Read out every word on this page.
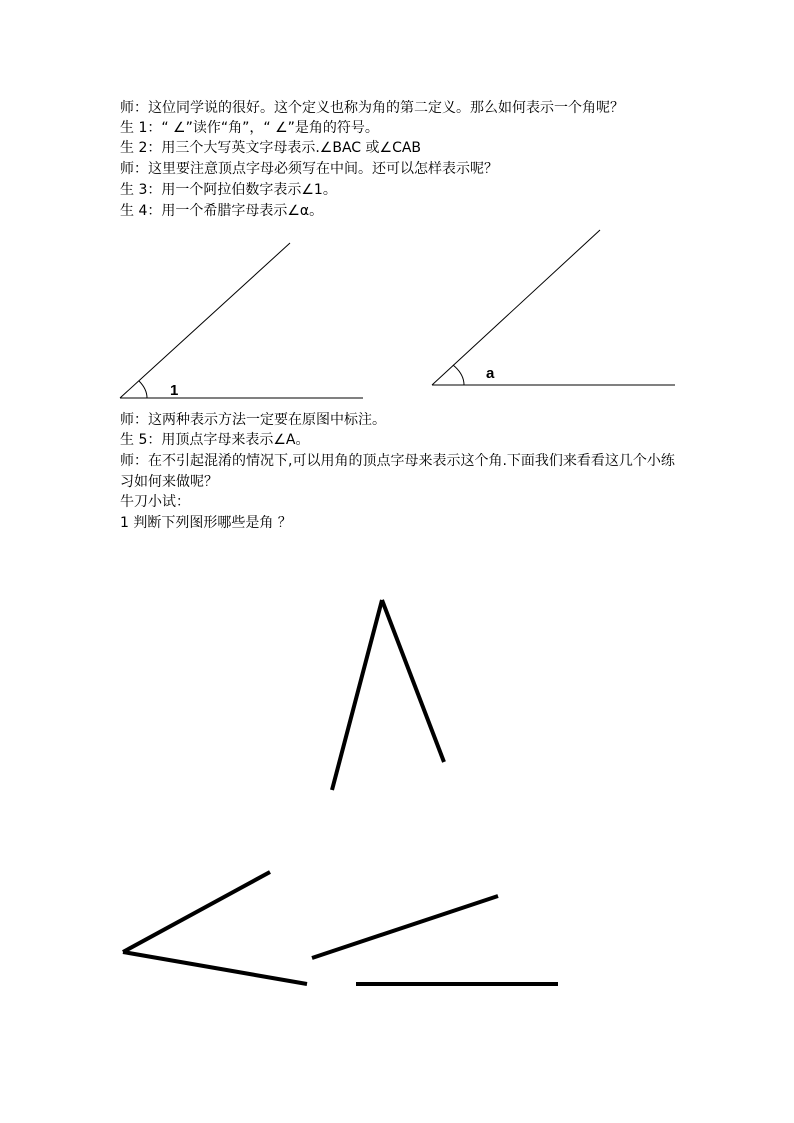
师：这位同学说的很好。这个定义也称为角的第二定义。那么如何表示一个角呢？
生 1：“ ∠”读作“角”，“ ∠”是角的符号。
生 2：用三个大写英文字母表示.∠BAC 或∠CAB
师：这里要注意顶点字母必须写在中间。还可以怎样表示呢？
生 3：用一个阿拉伯数字表示∠1。
生 4：用一个希腊字母表示∠α。
师：这两种表示方法一定要在原图中标注。
生 5：用顶点字母来表示∠A。
师：在不引起混淆的情况下,可以用角的顶点字母来表示这个角.下面我们来看看这几个小练
习如何来做呢？
牛刀小试：
1 判断下列图形哪些是角 ？
1
a
